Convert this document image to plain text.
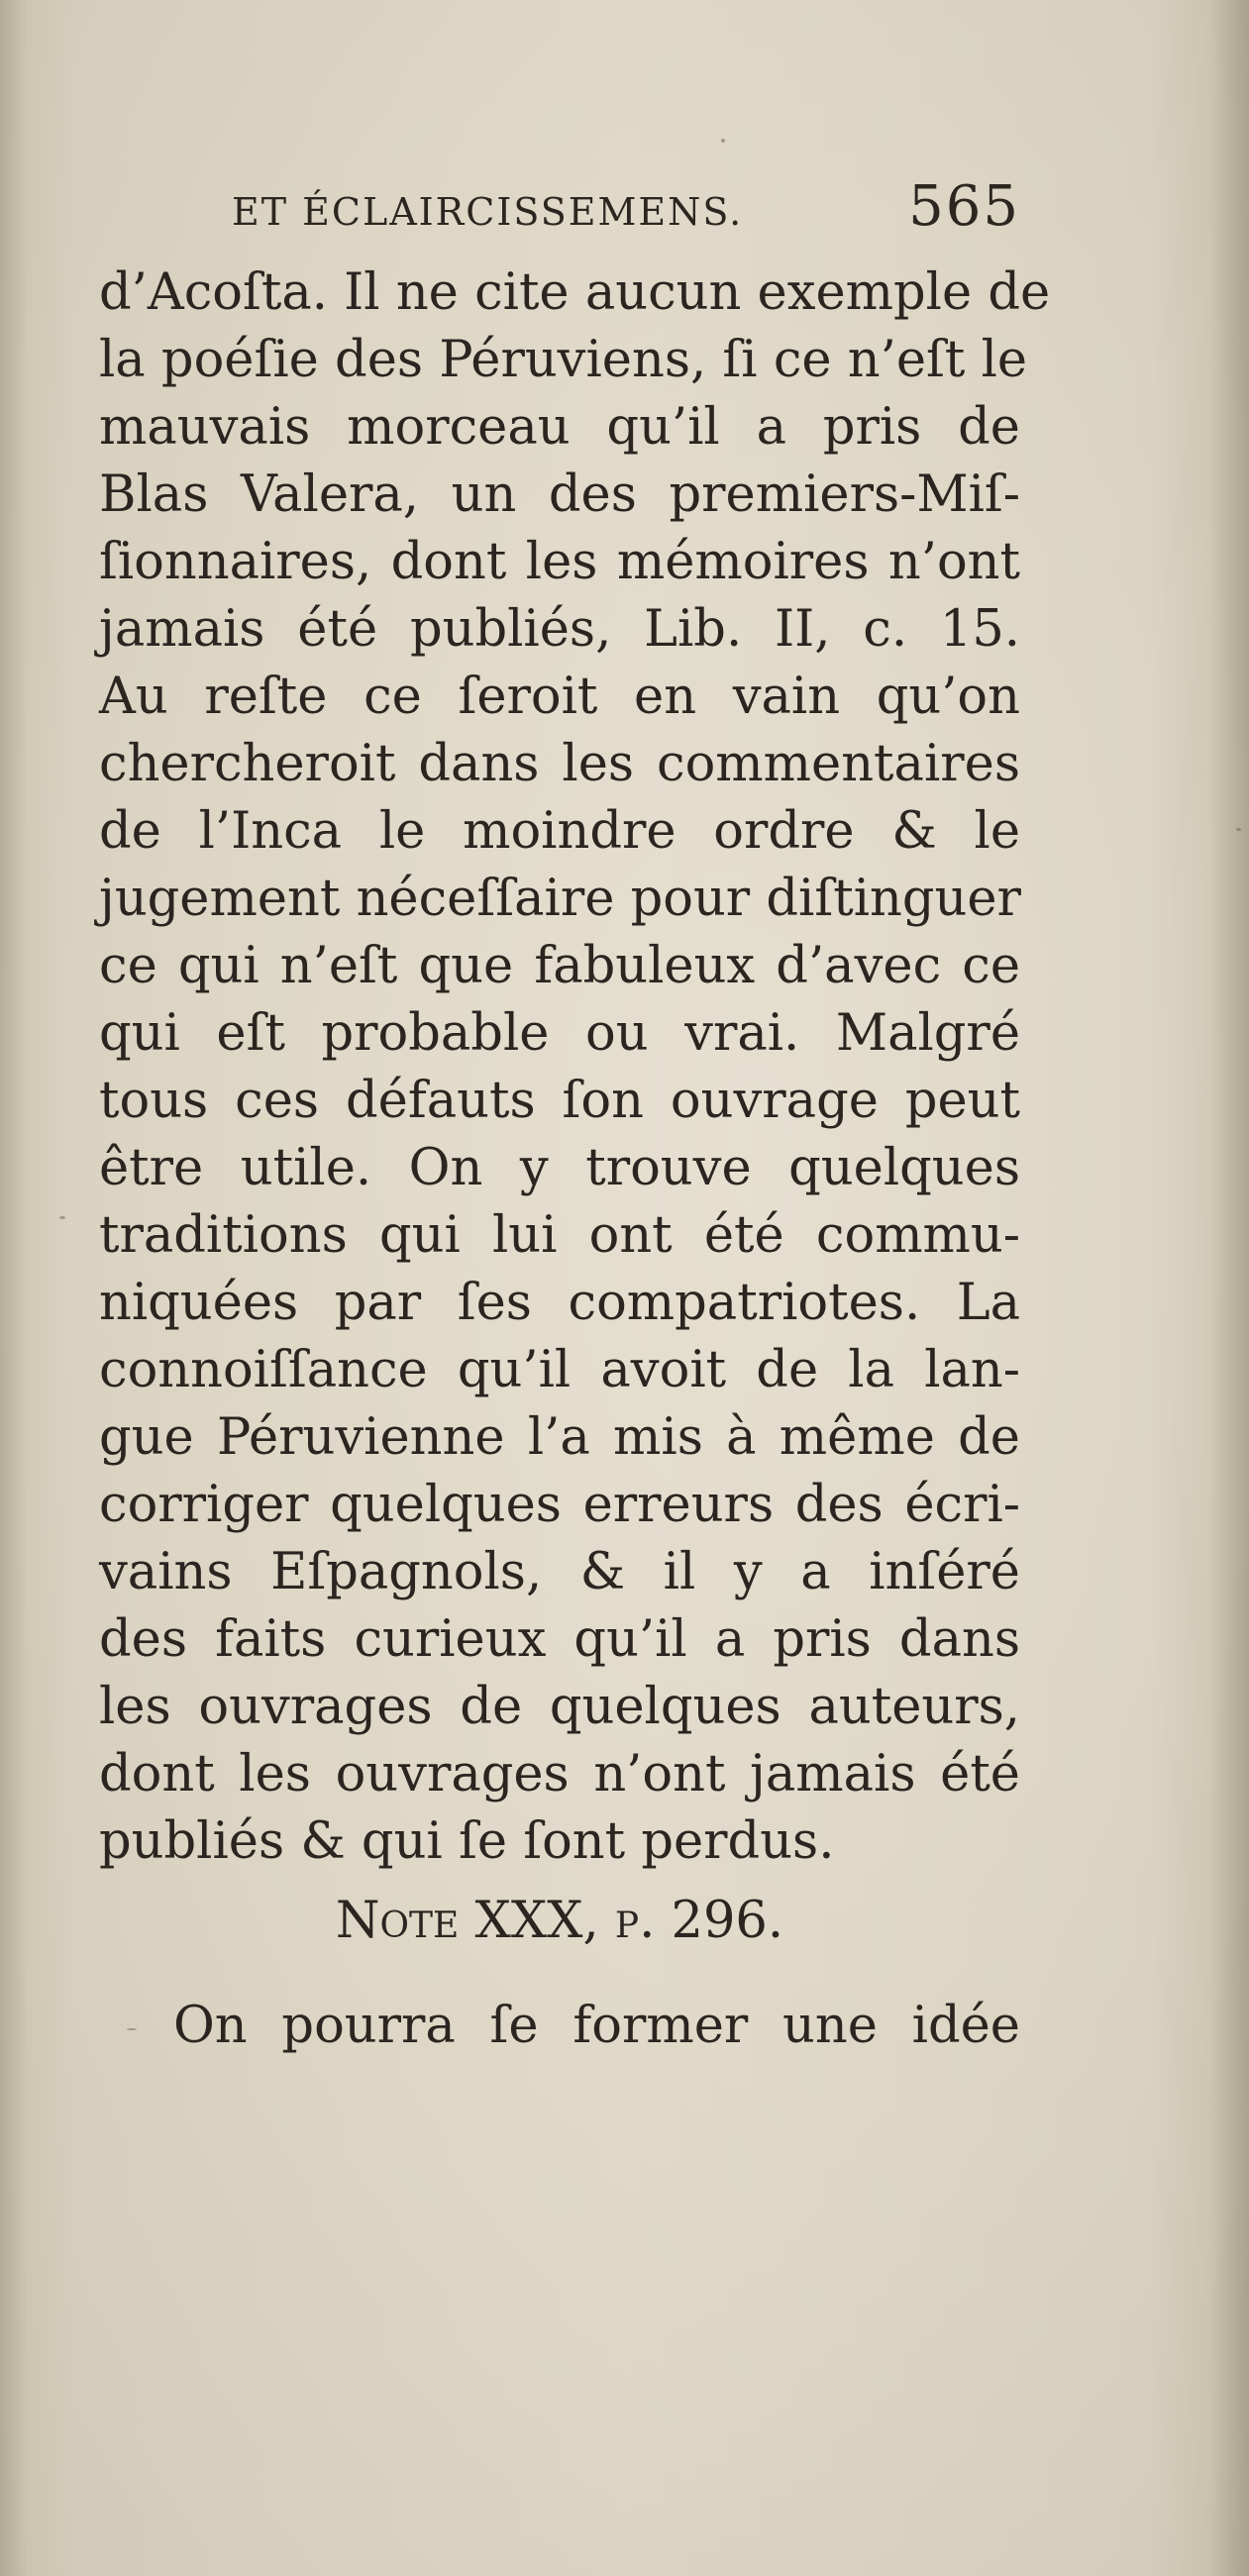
ET ÉCLAIRCISSEMENS.	565
d’Acoſta. Il ne cite aucun exemple de
la poéſie des Péruviens, ſi ce n’eſt le
mauvais morceau qu’il a pris de
Blas Valera, un des premiers-Miſ-
ſionnaires, dont les mémoires n’ont
jamais été publiés, Lib. II, c. 15.
Au reſte ce ſeroit en vain qu’on
chercheroit dans les commentaires
de l’Inca le moindre ordre & le
jugement néceſſaire pour diſtinguer
ce qui n’eſt que fabuleux d’avec ce
qui eſt probable ou vrai. Malgré
tous ces défauts ſon ouvrage peut
être utile. On y trouve quelques
traditions qui lui ont été commu-
niquées par ſes compatriotes. La
connoiſſance qu’il avoit de la lan-
gue Péruvienne l’a mis à même de
corriger quelques erreurs des écri-
vains Eſpagnols, & il y a inſéré
des faits curieux qu’il a pris dans
les ouvrages de quelques auteurs,
dont les ouvrages n’ont jamais été
publiés & qui ſe ſont perdus.
Note XXX, p. 296.
On pourra ſe former une idée
